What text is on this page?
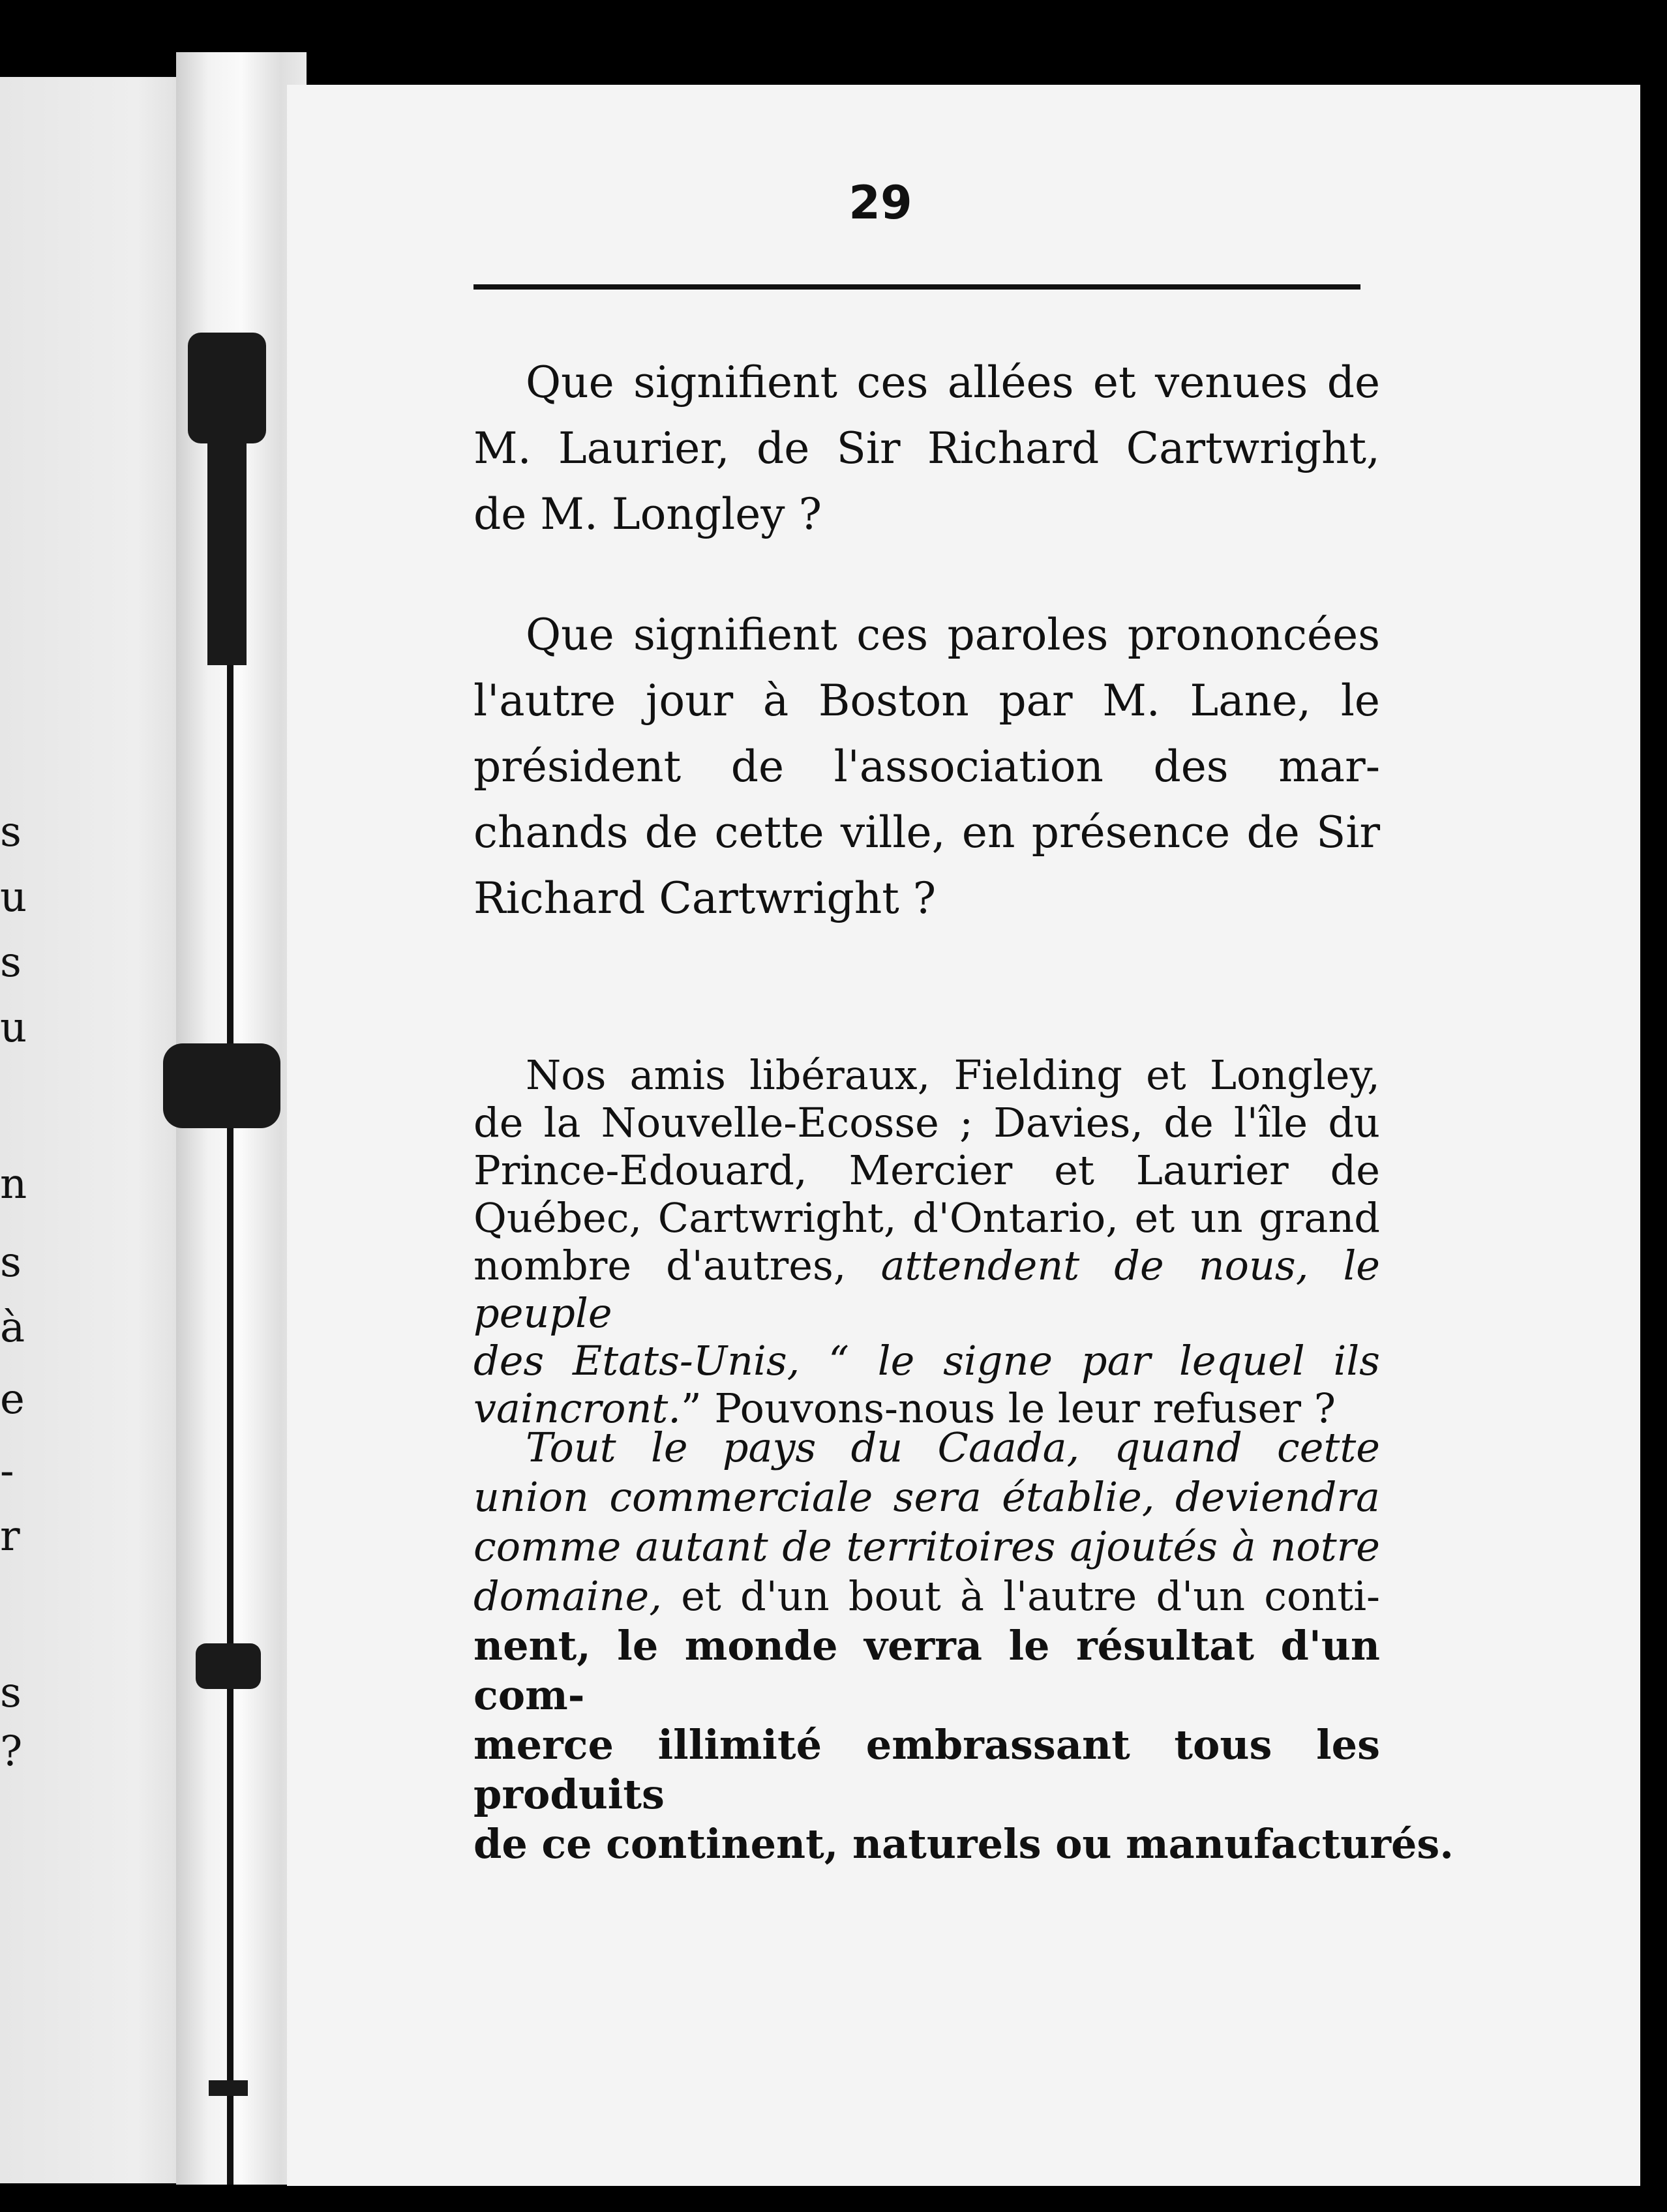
s
u
s
u
n
s
à
e
-
r
s
?
29
Que signifient ces allées et venues de
M. Laurier, de Sir Richard Cartwright,
de M. Longley ?
Que signifient ces paroles prononcées
l'autre jour à Boston par M. Lane, le
président de l'association des mar-
chands de cette ville, en présence de Sir
Richard Cartwright ?
Nos amis libéraux, Fielding et Longley,
de la Nouvelle-Ecosse ; Davies, de l'île du
Prince-Edouard, Mercier et Laurier de
Québec, Cartwright, d'Ontario, et un grand
nombre d'autres, attendent de nous, le peuple
des Etats-Unis, “ le signe par lequel ils
vaincront.” Pouvons-nous le leur refuser ?
Tout le pays du Caada, quand cette
union commerciale sera établie, deviendra
comme autant de territoires ajoutés à notre
domaine, et d'un bout à l'autre d'un conti-
nent, le monde verra le résultat d'un com-
merce illimité embrassant tous les produits
de ce continent, naturels ou manufacturés.
